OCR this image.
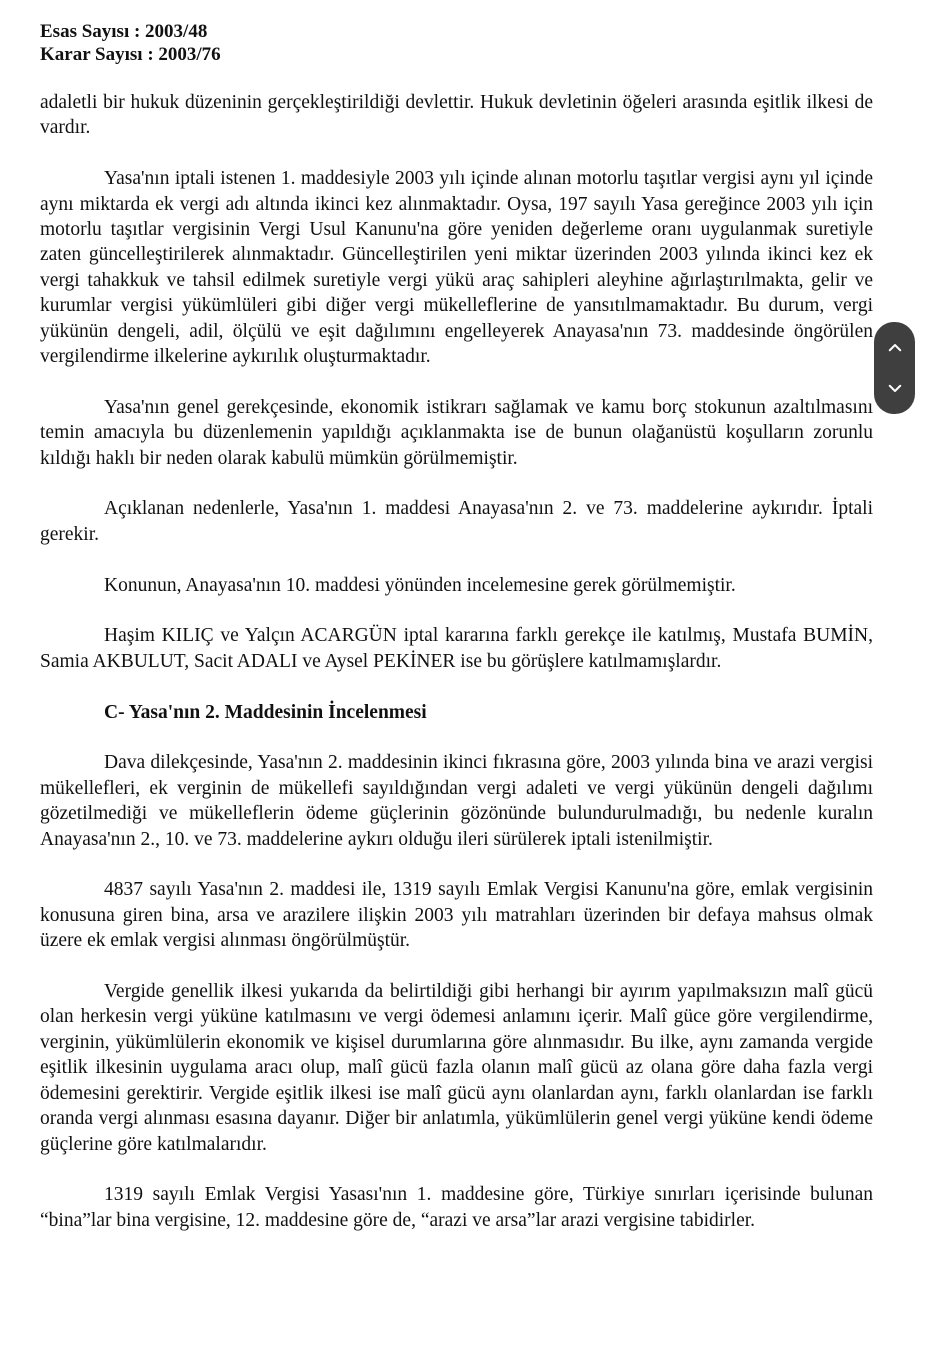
Esas Sayısı : 2003/48
Karar Sayısı : 2003/76

adaletli bir hukuk düzeninin gerçekleştirildiği devlettir. Hukuk devletinin öğeleri arasında eşitlik ilkesi de vardır.

Yasa'nın iptali istenen 1. maddesiyle 2003 yılı içinde alınan motorlu taşıtlar vergisi aynı yıl içinde aynı miktarda ek vergi adı altında ikinci kez alınmaktadır. Oysa, 197 sayılı Yasa gereğince 2003 yılı için motorlu taşıtlar vergisinin Vergi Usul Kanunu'na göre yeniden değerleme oranı uygulanmak suretiyle zaten güncelleştirilerek alınmaktadır. Güncelleştirilen yeni miktar üzerinden 2003 yılında ikinci kez ek vergi tahakkuk ve tahsil edilmek suretiyle vergi yükü araç sahipleri aleyhine ağırlaştırılmakta, gelir ve kurumlar vergisi yükümlüleri gibi diğer vergi mükelleflerine de yansıtılmamaktadır. Bu durum, vergi yükünün dengeli, adil, ölçülü ve eşit dağılımını engelleyerek Anayasa'nın 73. maddesinde öngörülen vergilendirme ilkelerine aykırılık oluşturmaktadır.

Yasa'nın genel gerekçesinde, ekonomik istikrarı sağlamak ve kamu borç stokunun azaltılmasını temin amacıyla bu düzenlemenin yapıldığı açıklanmakta ise de bunun olağanüstü koşulların zorunlu kıldığı haklı bir neden olarak kabulü mümkün görülmemiştir.

Açıklanan nedenlerle, Yasa'nın 1. maddesi Anayasa'nın 2. ve 73. maddelerine aykırıdır. İptali gerekir.

Konunun, Anayasa'nın 10. maddesi yönünden incelemesine gerek görülmemiştir.

Haşim KILIÇ ve Yalçın ACARGÜN iptal kararına farklı gerekçe ile katılmış, Mustafa BUMİN, Samia AKBULUT, Sacit ADALI ve Aysel PEKİNER ise bu görüşlere katılmamışlardır.

C- Yasa'nın 2. Maddesinin İncelenmesi

Dava dilekçesinde, Yasa'nın 2. maddesinin ikinci fıkrasına göre, 2003 yılında bina ve arazi vergisi mükellefleri, ek verginin de mükellefi sayıldığından vergi adaleti ve vergi yükünün dengeli dağılımı gözetilmediği ve mükelleflerin ödeme güçlerinin gözönünde bulundurulmadığı, bu nedenle kuralın Anayasa'nın 2., 10. ve 73. maddelerine aykırı olduğu ileri sürülerek iptali istenilmiştir.

4837 sayılı Yasa'nın 2. maddesi ile, 1319 sayılı Emlak Vergisi Kanunu'na göre, emlak vergisinin konusuna giren bina, arsa ve arazilere ilişkin 2003 yılı matrahları üzerinden bir defaya mahsus olmak üzere ek emlak vergisi alınması öngörülmüştür.

Vergide genellik ilkesi yukarıda da belirtildiği gibi herhangi bir ayırım yapılmaksızın malî gücü olan herkesin vergi yüküne katılmasını ve vergi ödemesi anlamını içerir. Malî güce göre vergilendirme, verginin, yükümlülerin ekonomik ve kişisel durumlarına göre alınmasıdır. Bu ilke, aynı zamanda vergide eşitlik ilkesinin uygulama aracı olup, malî gücü fazla olanın malî gücü az olana göre daha fazla vergi ödemesini gerektirir. Vergide eşitlik ilkesi ise malî gücü aynı olanlardan aynı, farklı olanlardan ise farklı oranda vergi alınması esasına dayanır. Diğer bir anlatımla, yükümlülerin genel vergi yüküne kendi ödeme güçlerine göre katılmalarıdır.

1319 sayılı Emlak Vergisi Yasası'nın 1. maddesine göre, Türkiye sınırları içerisinde bulunan “bina”lar bina vergisine, 12. maddesine göre de, “arazi ve arsa”lar arazi vergisine tabidirler.
